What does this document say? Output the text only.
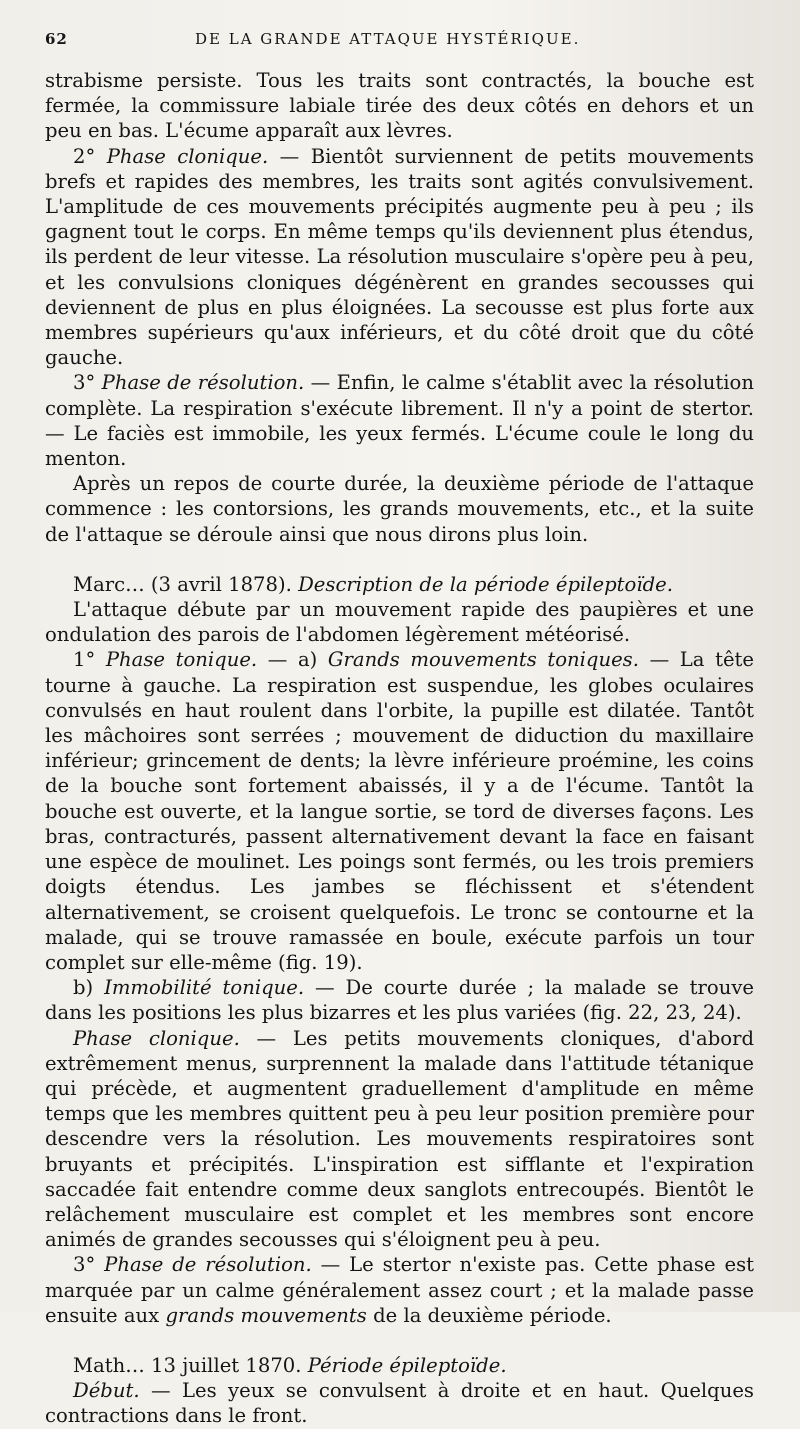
62	DE LA GRANDE ATTAQUE HYSTÉRIQUE.

strabisme persiste. Tous les traits sont contractés, la bouche est fermée, la commissure labiale tirée des deux côtés en dehors et un peu en bas. L'écume apparaît aux lèvres.

2° Phase clonique. — Bientôt surviennent de petits mouvements brefs et rapides des membres, les traits sont agités convulsivement. L'amplitude de ces mouvements précipités augmente peu à peu ; ils gagnent tout le corps. En même temps qu'ils deviennent plus étendus, ils perdent de leur vitesse. La résolution musculaire s'opère peu à peu, et les convulsions cloniques dégénèrent en grandes secousses qui deviennent de plus en plus éloignées. La secousse est plus forte aux membres supérieurs qu'aux inférieurs, et du côté droit que du côté gauche.

3° Phase de résolution. — Enfin, le calme s'établit avec la résolution complète. La respiration s'exécute librement. Il n'y a point de stertor. — Le faciès est immobile, les yeux fermés. L'écume coule le long du menton.

Après un repos de courte durée, la deuxième période de l'attaque commence : les contorsions, les grands mouvements, etc., et la suite de l'attaque se déroule ainsi que nous dirons plus loin.

Marc… (3 avril 1878). Description de la période épileptoïde.

L'attaque débute par un mouvement rapide des paupières et une ondulation des parois de l'abdomen légèrement météorisé.

1° Phase tonique. — a) Grands mouvements toniques. — La tête tourne à gauche. La respiration est suspendue, les globes oculaires convulsés en haut roulent dans l'orbite, la pupille est dilatée. Tantôt les mâchoires sont serrées ; mouvement de diduction du maxillaire inférieur; grincement de dents; la lèvre inférieure proémine, les coins de la bouche sont fortement abaissés, il y a de l'écume. Tantôt la bouche est ouverte, et la langue sortie, se tord de diverses façons. Les bras, contracturés, passent alternativement devant la face en faisant une espèce de moulinet. Les poings sont fermés, ou les trois premiers doigts étendus. Les jambes se fléchissent et s'étendent alternativement, se croisent quelquefois. Le tronc se contourne et la malade, qui se trouve ramassée en boule, exécute parfois un tour complet sur elle-même (fig. 19).

b) Immobilité tonique. — De courte durée ; la malade se trouve dans les positions les plus bizarres et les plus variées (fig. 22, 23, 24).

Phase clonique. — Les petits mouvements cloniques, d'abord extrêmement menus, surprennent la malade dans l'attitude tétanique qui précède, et augmentent graduellement d'amplitude en même temps que les membres quittent peu à peu leur position première pour descendre vers la résolution. Les mouvements respiratoires sont bruyants et précipités. L'inspiration est sifflante et l'expiration saccadée fait entendre comme deux sanglots entrecoupés. Bientôt le relâchement musculaire est complet et les membres sont encore animés de grandes secousses qui s'éloignent peu à peu.

3° Phase de résolution. — Le stertor n'existe pas. Cette phase est marquée par un calme généralement assez court ; et la malade passe ensuite aux grands mouvements de la deuxième période.

Math… 13 juillet 1870. Période épileptoïde.

Début. — Les yeux se convulsent à droite et en haut. Quelques contractions dans le front.
